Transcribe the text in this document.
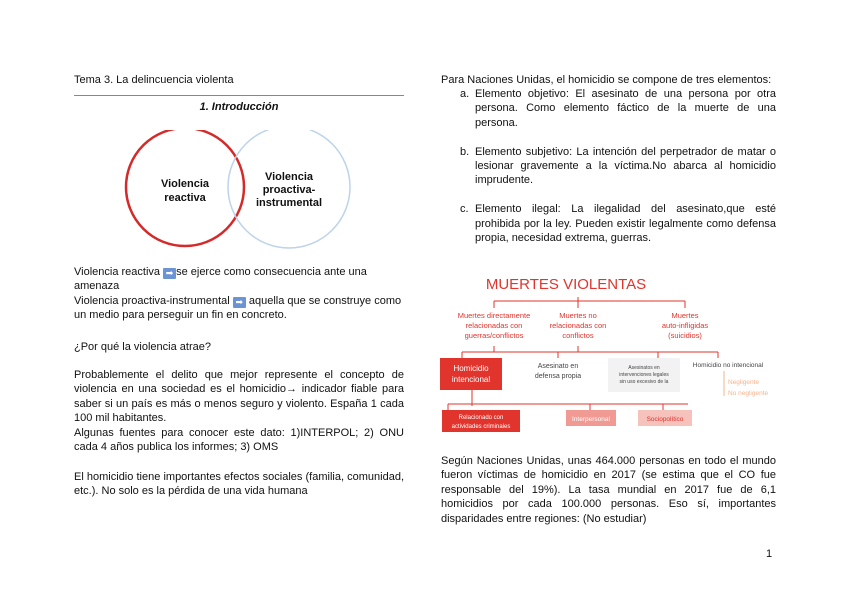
Tema 3. La delincuencia violenta
1. Introducción
Violencia
reactiva
Violencia
proactiva-
instrumental
Violencia reactiva ➡ se ejerce como consecuencia ante una amenaza
Violencia proactiva-instrumental ➡ aquella que se construye como un medio para perseguir un fin en concreto.
¿Por qué la violencia atrae?
Probablemente el delito que mejor represente el concepto de violencia en una sociedad es el homicidio→ indicador fiable para saber si un país es más o menos seguro y violento. España 1 cada 100 mil habitantes.
Algunas fuentes para conocer este dato: 1)INTERPOL; 2) ONU cada 4 años publica los informes; 3) OMS
El homicidio tiene importantes efectos sociales (familia, comunidad, etc.). No solo es la pérdida de una vida humana
Para Naciones Unidas, el homicidio se compone de tres elementos:
a. Elemento objetivo: El asesinato de una persona por otra persona. Como elemento fáctico de la muerte de una persona.
b. Elemento subjetivo: La intención del perpetrador de matar o lesionar gravemente a la víctima.No abarca al homicidio imprudente.
c. Elemento ilegal: La ilegalidad del asesinato,que esté prohibida por la ley. Pueden existir legalmente como defensa propia, necesidad extrema, guerras.
MUERTES VIOLENTAS
Muertes directamente
relacionadas con
guerras/conflictos
Muertes no
relacionadas con
conflictos
Muertes
auto-infligidas
(suicidios)
Homicidio
intencional
Asesinato en
defensa propia
Asesinatos en
intervenciones legales
sin uso excesivo de la
Homicidio no intencional
Negligente
No negligente
Relacionado con
actividades criminales
Interpersonal	Sociopolítico
Según Naciones Unidas, unas 464.000 personas en todo el mundo fueron víctimas de homicidio en 2017 (se estima que el CO fue responsable del 19%). La tasa mundial en 2017 fue de 6,1 homicidios por cada 100.000 personas. Eso sí, importantes disparidades entre regiones: (No estudiar)
1
